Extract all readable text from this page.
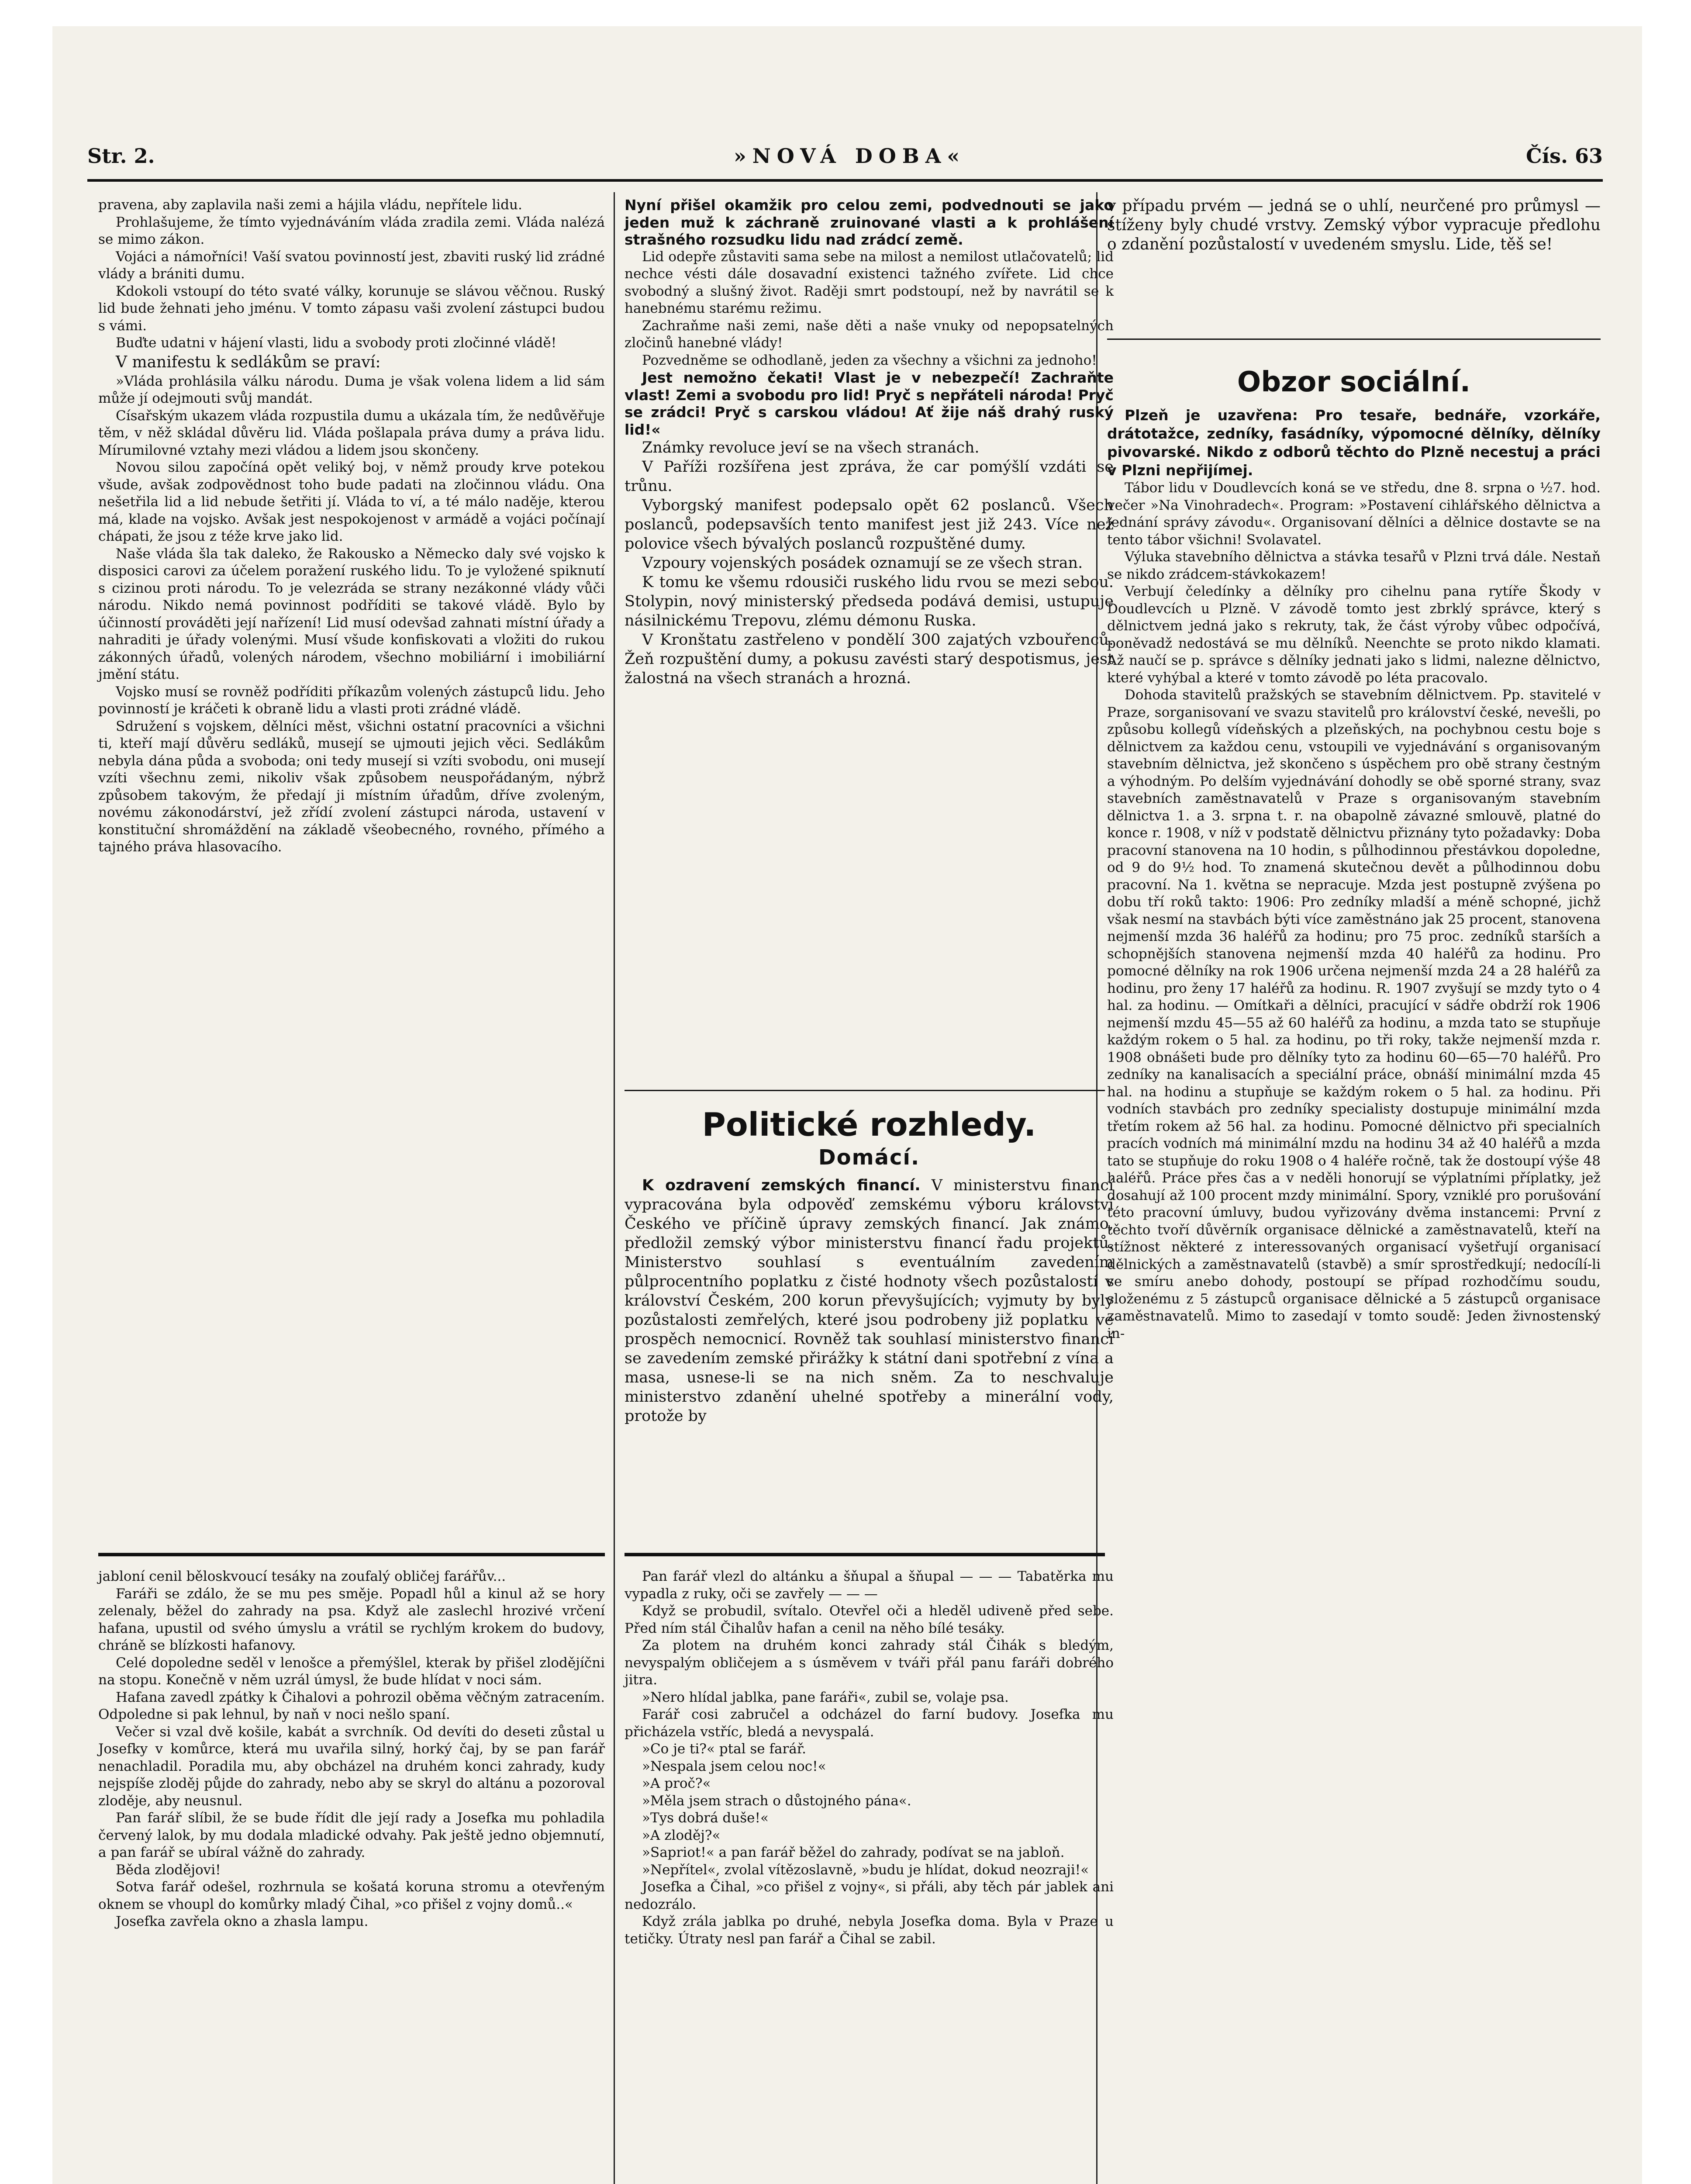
Str. 2.	»NOVÁ DOBA«	Čís. 63

pravena, aby zaplavila naši zemi a hájila vládu, nepřítele lidu.

Prohlašujeme, že tímto vyjednáváním vláda zradila zemi. Vláda nalézá se mimo zákon.

Vojáci a námořníci! Vaší svatou povinností jest, zbaviti ruský lid zrádné vlády a brániti dumu.

Kdokoli vstoupí do této svaté války, korunuje se slávou věčnou. Ruský lid bude žehnati jeho jménu. V tomto zápasu vaši zvolení zástupci budou s vámi.

Buďte udatni v hájení vlasti, lidu a svobody proti zločinné vládě!

V manifestu k sedlákům se praví:

»Vláda prohlásila válku národu. Duma je však volena lidem a lid sám může jí odejmouti svůj mandát.

Císařským ukazem vláda rozpustila dumu a ukázala tím, že nedůvěřuje těm, v něž skládal důvěru lid. Vláda pošlapala práva dumy a práva lidu. Mírumilovné vztahy mezi vládou a lidem jsou skončeny.

Novou silou započíná opět veliký boj, v němž proudy krve potekou všude, avšak zodpovědnost toho bude padati na zločinnou vládu. Ona nešetřila lid a lid nebude šetřiti jí. Vláda to ví, a té málo naděje, kterou má, klade na vojsko. Avšak jest nespokojenost v armádě a vojáci počínají chápati, že jsou z téže krve jako lid.

Naše vláda šla tak daleko, že Rakousko a Německo daly své vojsko k disposici carovi za účelem poražení ruského lidu. To je vyložené spiknutí s cizinou proti národu. To je velezráda se strany nezákonné vlády vůči národu. Nikdo nemá povinnost podříditi se takové vládě. Bylo by účinností prováděti její nařízení! Lid musí odevšad zahnati místní úřady a nahraditi je úřady volenými. Musí všude konfiskovati a vložiti do rukou zákonných úřadů, volených národem, všechno mobiliární i imobiliární jmění státu.

Vojsko musí se rovněž podříditi příkazům volených zástupců lidu. Jeho povinností je kráčeti k obraně lidu a vlasti proti zrádné vládě.

Sdružení s vojskem, dělníci měst, všichni ostatní pracovníci a všichni ti, kteří mají důvěru sedláků, musejí se ujmouti jejich věci. Sedlákům nebyla dána půda a svoboda; oni tedy musejí si vzíti svobodu, oni musejí vzíti všechnu zemi, nikoliv však způsobem neuspořádaným, nýbrž způsobem takovým, že předají ji místním úřadům, dříve zvoleným, novému zákonodárství, jež zřídí zvolení zástupci národa, ustavení v konstituční shromáždění na základě všeobecného, rovného, přímého a tajného práva hlasovacího.

jabloní cenil běloskvoucí tesáky na zoufalý obličej farářův...

Faráři se zdálo, že se mu pes směje. Popadl hůl a kinul až se hory zelenaly, běžel do zahrady na psa. Když ale zaslechl hrozivé vrčení hafana, upustil od svého úmyslu a vrátil se rychlým krokem do budovy, chráně se blízkosti hafanovy.

Celé dopoledne seděl v lenošce a přemýšlel, kterak by přišel zlodějíčni na stopu. Konečně v něm uzrál úmysl, že bude hlídat v noci sám.

Hafana zavedl zpátky k Čihalovi a pohrozil oběma věčným zatracením. Odpoledne si pak lehnul, by naň v noci nešlo spaní.

Večer si vzal dvě košile, kabát a svrchník. Od devíti do deseti zůstal u Josefky v komůrce, která mu uvařila silný, horký čaj, by se pan farář nenachladil. Poradila mu, aby obcházel na druhém konci zahrady, kudy nejspíše zloděj půjde do zahrady, nebo aby se skryl do altánu a pozoroval zloděje, aby neusnul.

Pan farář slíbil, že se bude řídit dle její rady a Josefka mu pohladila červený lalok, by mu dodala mladické odvahy. Pak ještě jedno objemnutí, a pan farář se ubíral vážně do zahrady.

Běda zlodějovi!

Sotva farář odešel, rozhrnula se košatá koruna stromu a otevřeným oknem se vhoupl do komůrky mladý Čihal, »co přišel z vojny domů..«

Josefka zavřela okno a zhasla lampu.

Nyní přišel okamžik pro celou zemi, podvednouti se jako jeden muž k záchraně zruinované vlasti a k prohlášení strašného rozsudku lidu nad zrádcí země.

Lid odepře zůstaviti sama sebe na milost a nemilost utlačovatelů; lid nechce vésti dále dosavadní existenci tažného zvířete. Lid chce svobodný a slušný život. Raději smrt podstoupí, než by navrátil se k hanebnému starému režimu.

Zachraňme naši zemi, naše děti a naše vnuky od nepopsatelných zločinů hanebné vlády!

Pozvedněme se odhodlaně, jeden za všechny a všichni za jednoho!

Jest nemožno čekati! Vlast je v nebezpečí! Zachraňte vlast! Zemi a svobodu pro lid! Pryč s nepřáteli národa! Pryč se zrádci! Pryč s carskou vládou! Ať žije náš drahý ruský lid!«

Známky revoluce jeví se na všech stranách.

V Paříži rozšířena jest zpráva, že car pomýšlí vzdáti se trůnu.

Vyborgský manifest podepsalo opět 62 poslanců. Všech poslanců, podepsavších tento manifest jest již 243. Více než polovice všech bývalých poslanců rozpuštěné dumy.

Vzpoury vojenských posádek oznamují se ze všech stran.

K tomu ke všemu rdousiči ruského lidu rvou se mezi sebou. Stolypin, nový ministerský předseda podává demisi, ustupuje násilnickému Trepovu, zlému démonu Ruska.

V Kronštatu zastřeleno v pondělí 300 zajatých vzbouřenců. Žeň rozpuštění dumy, a pokusu zavésti starý despotismus, jest žalostná na všech stranách a hrozná.

Politické rozhledy.
Domácí.

K ozdravení zemských financí. V ministerstvu financí vypracována byla odpověď zemskému výboru království Českého ve příčině úpravy zemských financí. Jak známo, předložil zemský výbor ministerstvu financí řadu projektů. Ministerstvo souhlasí s eventuálním zavedením půlprocentního poplatku z čisté hodnoty všech pozůstalostí v království Českém, 200 korun převyšujících; vyjmuty by byly pozůstalosti zemřelých, které jsou podrobeny již poplatku ve prospěch nemocnicí. Rovněž tak souhlasí ministerstvo financí se zavedením zemské přirážky k státní dani spotřební z vína a masa, usnese-li se na nich sněm. Za to neschvaluje ministerstvo zdanění uhelné spotřeby a minerální vody, protože by

Pan farář vlezl do altánku a šňupal a šňupal — — — Tabatěrka mu vypadla z ruky, oči se zavřely — — —

Když se probudil, svítalo. Otevřel oči a hleděl udiveně před sebe. Před ním stál Čihalův hafan a cenil na něho bílé tesáky.

Za plotem na druhém konci zahrady stál Čihák s bledým, nevyspalým obličejem a s úsměvem v tváři přál panu faráři dobrého jitra.

»Nero hlídal jablka, pane faráři«, zubil se, volaje psa.

Farář cosi zabručel a odcházel do farní budovy. Josefka mu přicházela vstříc, bledá a nevyspalá.

»Co je ti?« ptal se farář.

»Nespala jsem celou noc!«

»A proč?«

»Měla jsem strach o důstojného pána«.

»Tys dobrá duše!«

»A zloděj?«

»Sapriot!« a pan farář běžel do zahrady, podívat se na jabloň.

»Nepřítel«, zvolal vítězoslavně, »budu je hlídat, dokud neozraji!«

Josefka a Čihal, »co přišel z vojny«, si přáli, aby těch pár jablek ani nedozrálo.

Když zrála jablka po druhé, nebyla Josefka doma. Byla v Praze u tetičky. Útraty nesl pan farář a Čihal se zabil.

v případu prvém — jedná se o uhlí, neurčené pro průmysl — stíženy byly chudé vrstvy. Zemský výbor vypracuje předlohu o zdanění pozůstalostí v uvedeném smyslu. Lide, těš se!

Obzor sociální.

Plzeň je uzavřena: Pro tesaře, bednáře, vzorkáře, drátotažce, zedníky, fasádníky, výpomocné dělníky, dělníky pivovarské. Nikdo z odborů těchto do Plzně necestuj a práci v Plzni nepřijímej.

Tábor lidu v Doudlevcích koná se ve středu, dne 8. srpna o ½7. hod. večer »Na Vinohradech«. Program: »Postavení cihlářského dělnictva a jednání správy závodu«. Organisovaní dělníci a dělnice dostavte se na tento tábor všichni! Svolavatel.

Výluka stavebního dělnictva a stávka tesařů v Plzni trvá dále. Nestaň se nikdo zrádcem-stávkokazem!

Verbují čeledínky a dělníky pro cihelnu pana rytíře Škody v Doudlevcích u Plzně. V závodě tomto jest zbrklý správce, který s dělnictvem jedná jako s rekruty, tak, že část výroby vůbec odpočívá, poněvadž nedostává se mu dělníků. Neenchte se proto nikdo klamati. Až naučí se p. správce s dělníky jednati jako s lidmi, nalezne dělnictvo, které vyhýbal a které v tomto závodě po léta pracovalo.

Dohoda stavitelů pražských se stavebním dělnictvem. Pp. stavitelé v Praze, sorganisovaní ve svazu stavitelů pro království české, nevešli, po způsobu kollegů vídeňských a plzeňských, na pochybnou cestu boje s dělnictvem za každou cenu, vstoupili ve vyjednávání s organisovaným stavebním dělnictva, jež skončeno s úspěchem pro obě strany čestným a výhodným. Po delším vyjednávání dohodly se obě sporné strany, svaz stavebních zaměstnavatelů v Praze s organisovaným stavebním dělnictva 1. a 3. srpna t. r. na obapolně závazné smlouvě, platné do konce r. 1908, v níž v podstatě dělnictvu přiznány tyto požadavky: Doba pracovní stanovena na 10 hodin, s půlhodinnou přestávkou dopoledne, od 9 do 9½ hod. To znamená skutečnou devět a půlhodinnou dobu pracovní. Na 1. května se nepracuje. Mzda jest postupně zvýšena po dobu tří roků takto: 1906: Pro zedníky mladší a méně schopné, jichž však nesmí na stavbách býti více zaměstnáno jak 25 procent, stanovena nejmenší mzda 36 haléřů za hodinu; pro 75 proc. zedníků starších a schopnějších stanovena nejmenší mzda 40 haléřů za hodinu. Pro pomocné dělníky na rok 1906 určena nejmenší mzda 24 a 28 haléřů za hodinu, pro ženy 17 haléřů za hodinu. R. 1907 zvyšují se mzdy tyto o 4 hal. za hodinu. — Omítkaři a dělníci, pracující v sádře obdrží rok 1906 nejmenší mzdu 45—55 až 60 haléřů za hodinu, a mzda tato se stupňuje každým rokem o 5 hal. za hodinu, po tři roky, takže nejmenší mzda r. 1908 obnášeti bude pro dělníky tyto za hodinu 60—65—70 haléřů. Pro zedníky na kanalisacích a speciální práce, obnáší minimální mzda 45 hal. na hodinu a stupňuje se každým rokem o 5 hal. za hodinu. Při vodních stavbách pro zedníky specialisty dostupuje minimální mzda třetím rokem až 56 hal. za hodinu. Pomocné dělnictvo při specialních pracích vodních má minimální mzdu na hodinu 34 až 40 haléřů a mzda tato se stupňuje do roku 1908 o 4 haléře ročně, tak že dostoupí výše 48 haléřů. Práce přes čas a v neděli honorují se výplatními příplatky, jež dosahují až 100 procent mzdy minimální. Spory, vzniklé pro porušování této pracovní úmluvy, budou vyřizovány dvěma instancemi: První z těchto tvoří důvěrník organisace dělnické a zaměstnavatelů, kteří na stížnost některé z interessovaných organisací vyšetřují organisací dělnických a zaměstnavatelů (stavbě) a smír sprostředkují; nedocílí-li se smíru anebo dohody, postoupí se případ rozhodčímu soudu, složenému z 5 zástupců organisace dělnické a 5 zástupců organisace zaměstnavatelů. Mimo to zasedají v tomto soudě: Jeden živnostenský in-
